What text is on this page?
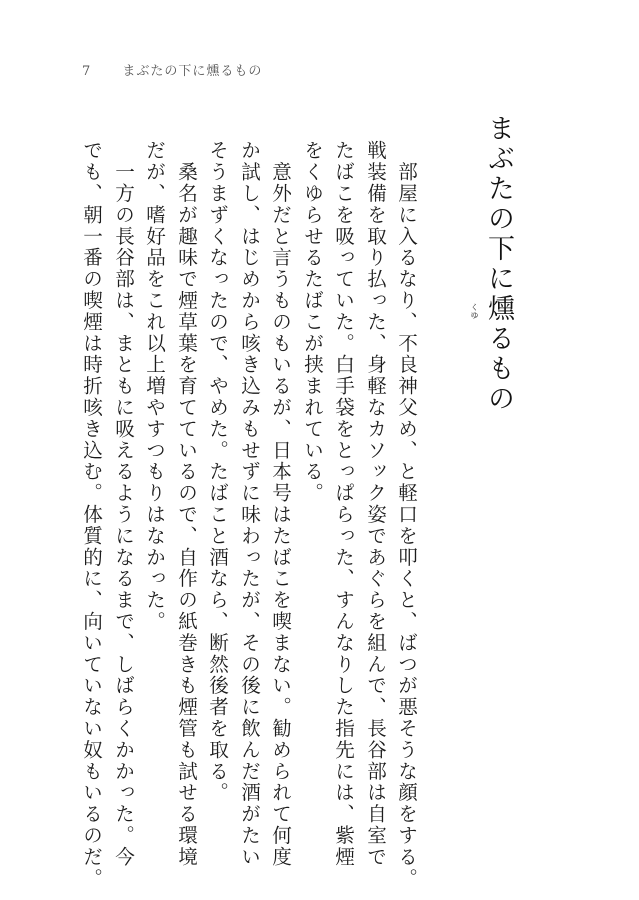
7 まぶたの下に燻るもの
まぶたの下に燻
くゆ
るもの
　部屋に入るなり、不良神父め、と軽口を叩くと、ばつが悪そうな顔をする。
戦装備を取り払った、身軽なカソック姿であぐらを組んで、長谷部は自室で
たばこを吸っていた。白手袋をとっぱらった、すんなりした指先には、紫煙
をくゆらせるたばこが挟まれている。
　意外だと言うものもいるが、日本号はたばこを喫まない。勧められて何度
か試し、はじめから咳き込みもせずに味わったが、その後に飲んだ酒がたい
そうまずくなったので、やめた。たばこと酒なら、断然後者を取る。
　桑名が趣味で煙草葉を育てているので、自作の紙巻きも煙管も試せる環境
だが、嗜好品をこれ以上増やすつもりはなかった。
　一方の長谷部は、まともに吸えるようになるまで、しばらくかかった。今
でも、朝一番の喫煙は時折咳き込む。体質的に、向いていない奴もいるのだ。
